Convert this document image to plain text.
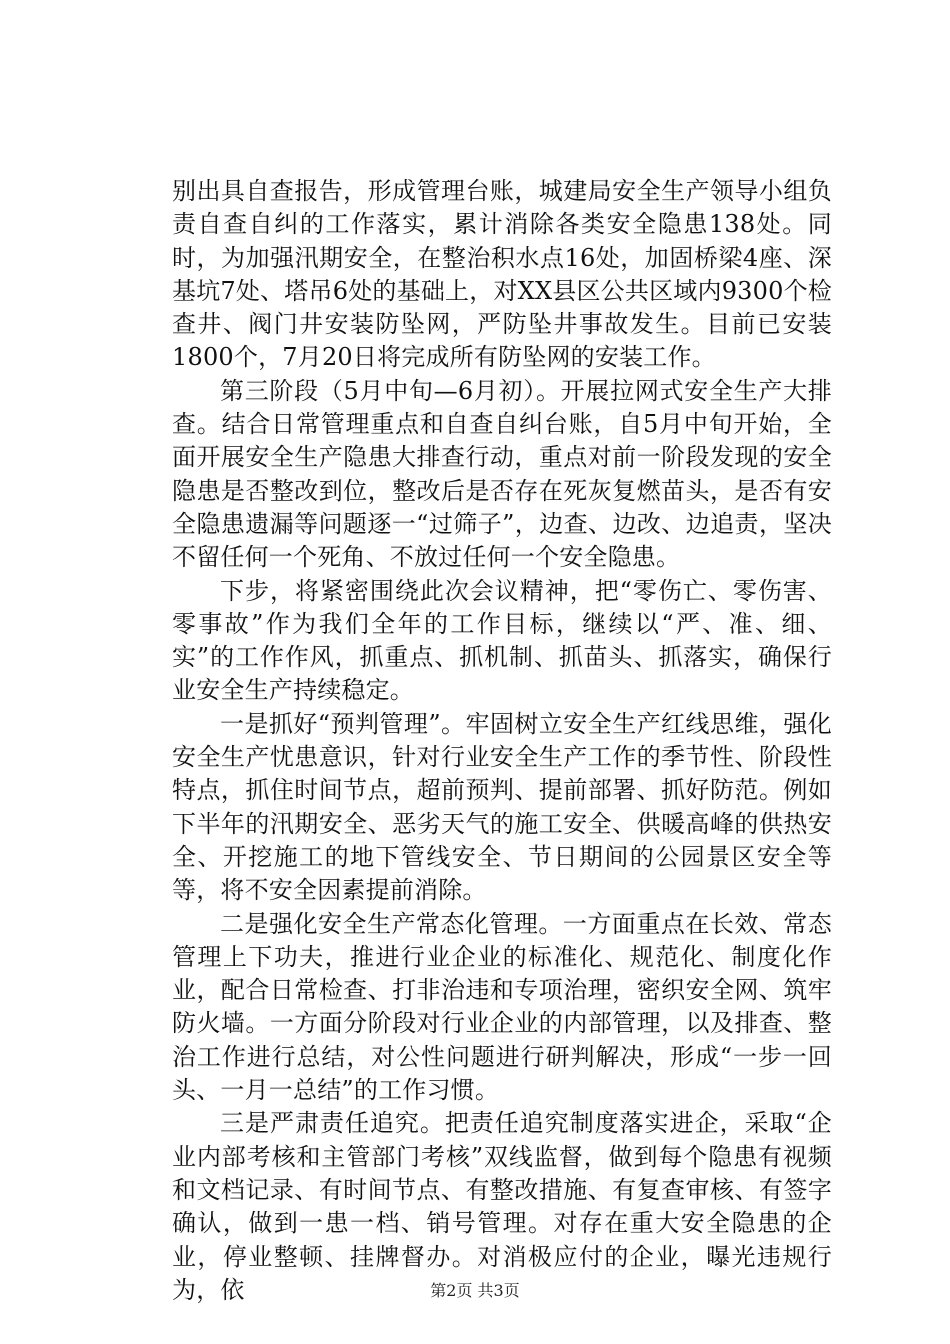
别出具自查报告，形成管理台账，城建局安全生产领导小组负责自查自纠的工作落实，累计消除各类安全隐患138处。同时，为加强汛期安全，在整治积水点16处，加固桥梁4座、深基坑7处、塔吊6处的基础上，对XX县区公共区域内9300个检查井、阀门井安装防坠网，严防坠井事故发生。目前已安装1800个，7月20日将完成所有防坠网的安装工作。

第三阶段（5月中旬—6月初）。开展拉网式安全生产大排查。结合日常管理重点和自查自纠台账，自5月中旬开始，全面开展安全生产隐患大排查行动，重点对前一阶段发现的安全隐患是否整改到位，整改后是否存在死灰复燃苗头，是否有安全隐患遗漏等问题逐一“过筛子”，边查、边改、边追责，坚决不留任何一个死角、不放过任何一个安全隐患。

下步，将紧密围绕此次会议精神，把“零伤亡、零伤害、零事故”作为我们全年的工作目标，继续以“严、准、细、实”的工作作风，抓重点、抓机制、抓苗头、抓落实，确保行业安全生产持续稳定。

一是抓好“预判管理”。牢固树立安全生产红线思维，强化安全生产忧患意识，针对行业安全生产工作的季节性、阶段性特点，抓住时间节点，超前预判、提前部署、抓好防范。例如下半年的汛期安全、恶劣天气的施工安全、供暖高峰的供热安全、开挖施工的地下管线安全、节日期间的公园景区安全等等，将不安全因素提前消除。

二是强化安全生产常态化管理。一方面重点在长效、常态管理上下功夫，推进行业企业的标准化、规范化、制度化作业，配合日常检查、打非治违和专项治理，密织安全网、筑牢防火墙。一方面分阶段对行业企业的内部管理，以及排查、整治工作进行总结，对公性问题进行研判解决，形成“一步一回头、一月一总结”的工作习惯。

三是严肃责任追究。把责任追究制度落实进企，采取“企业内部考核和主管部门考核”双线监督，做到每个隐患有视频和文档记录、有时间节点、有整改措施、有复查审核、有签字确认，做到一患一档、销号管理。对存在重大安全隐患的企业，停业整顿、挂牌督办。对消极应付的企业，曝光违规行为，依	第2页 共3页
